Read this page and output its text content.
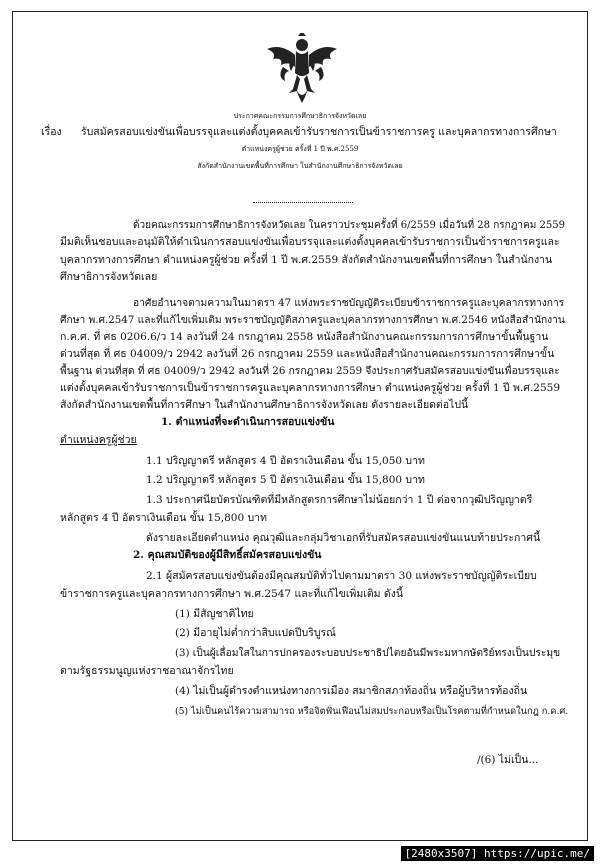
ประกาศคณะกรรมการศึกษาธิการจังหวัดเลย
เรื่อง รับสมัครสอบแข่งขันเพื่อบรรจุและแต่งตั้งบุคคลเข้ารับราชการเป็นข้าราชการครู และบุคลากรทางการศึกษา
ตำแหน่งครูผู้ช่วย ครั้งที่ 1 ปี พ.ศ.2559
สังกัดสำนักงานเขตพื้นที่การศึกษา ในสำนักงานศึกษาธิการจังหวัดเลย
ด้วยคณะกรรมการศึกษาธิการจังหวัดเลย ในคราวประชุมครั้งที่ 6/2559 เมื่อวันที่ 28 กรกฎาคม 2559
มีมติเห็นชอบและอนุมัติให้ดำเนินการสอบแข่งขันเพื่อบรรจุและแต่งตั้งบุคคลเข้ารับราชการเป็นข้าราชการครูและ
บุคลากรทางการศึกษา ตำแหน่งครูผู้ช่วย ครั้งที่ 1 ปี พ.ศ.2559 สังกัดสำนักงานเขตพื้นที่การศึกษา ในสำนักงาน
ศึกษาธิการจังหวัดเลย
อาศัยอำนาจตามความในมาตรา 47 แห่งพระราชบัญญัติระเบียบข้าราชการครูและบุคลากรทางการ
ศึกษา พ.ศ.2547 และที่แก้ไขเพิ่มเติม พระราชบัญญัติสภาครูและบุคลากรทางการศึกษา พ.ศ.2546 หนังสือสำนักงาน
ก.ค.ศ. ที่ ศธ 0206.6/ว 14 ลงวันที่ 24 กรกฎาคม 2558 หนังสือสำนักงานคณะกรรมการการศึกษาขั้นพื้นฐาน
ด่วนที่สุด ที่ ศธ 04009/ว 2942 ลงวันที่ 26 กรกฎาคม 2559 และหนังสือสำนักงานคณะกรรมการการศึกษาขั้น
พื้นฐาน ด่วนที่สุด ที่ ศธ 04009/ว 2942 ลงวันที่ 26 กรกฎาคม 2559 จึงประกาศรับสมัครสอบแข่งขันเพื่อบรรจุและ
แต่งตั้งบุคคลเข้ารับราชการเป็นข้าราชการครูและบุคลากรทางการศึกษา ตำแหน่งครูผู้ช่วย ครั้งที่ 1 ปี พ.ศ.2559
สังกัดสำนักงานเขตพื้นที่การศึกษา ในสำนักงานศึกษาธิการจังหวัดเลย ดังรายละเอียดต่อไปนี้
1. ตำแหน่งที่จะดำเนินการสอบแข่งขัน
ตำแหน่งครูผู้ช่วย
1.1 ปริญญาตรี หลักสูตร 4 ปี อัตราเงินเดือน ขั้น 15,050 บาท
1.2 ปริญญาตรี หลักสูตร 5 ปี อัตราเงินเดือน ขั้น 15,800 บาท
1.3 ประกาศนียบัตรบัณฑิตที่มีหลักสูตรการศึกษาไม่น้อยกว่า 1 ปี ต่อจากวุฒิปริญญาตรี
หลักสูตร 4 ปี อัตราเงินเดือน ขั้น 15,800 บาท
ดังรายละเอียดตำแหน่ง คุณวุฒิและกลุ่มวิชาเอกที่รับสมัครสอบแข่งขันแนบท้ายประกาศนี้
2. คุณสมบัติของผู้มีสิทธิ์สมัครสอบแข่งขัน
2.1 ผู้สมัครสอบแข่งขันต้องมีคุณสมบัติทั่วไปตามมาตรา 30 แห่งพระราชบัญญัติระเบียบ
ข้าราชการครูและบุคลากรทางการศึกษา พ.ศ.2547 และที่แก้ไขเพิ่มเติม ดังนี้
(1) มีสัญชาติไทย
(2) มีอายุไม่ต่ำกว่าสิบแปดปีบริบูรณ์
(3) เป็นผู้เลื่อมใสในการปกครองระบอบประชาธิปไตยอันมีพระมหากษัตริย์ทรงเป็นประมุข
ตามรัฐธรรมนูญแห่งราชอาณาจักรไทย
(4) ไม่เป็นผู้ดำรงตำแหน่งทางการเมือง สมาชิกสภาท้องถิ่น หรือผู้บริหารท้องถิ่น
(5) ไม่เป็นคนไร้ความสามารถ หรือจิตฟั่นเฟือนไม่สมประกอบหรือเป็นโรคตามที่กำหนดในกฎ ก.ค.ศ.
/(6) ไม่เป็น...
[2480x3507] https://upic.me/
